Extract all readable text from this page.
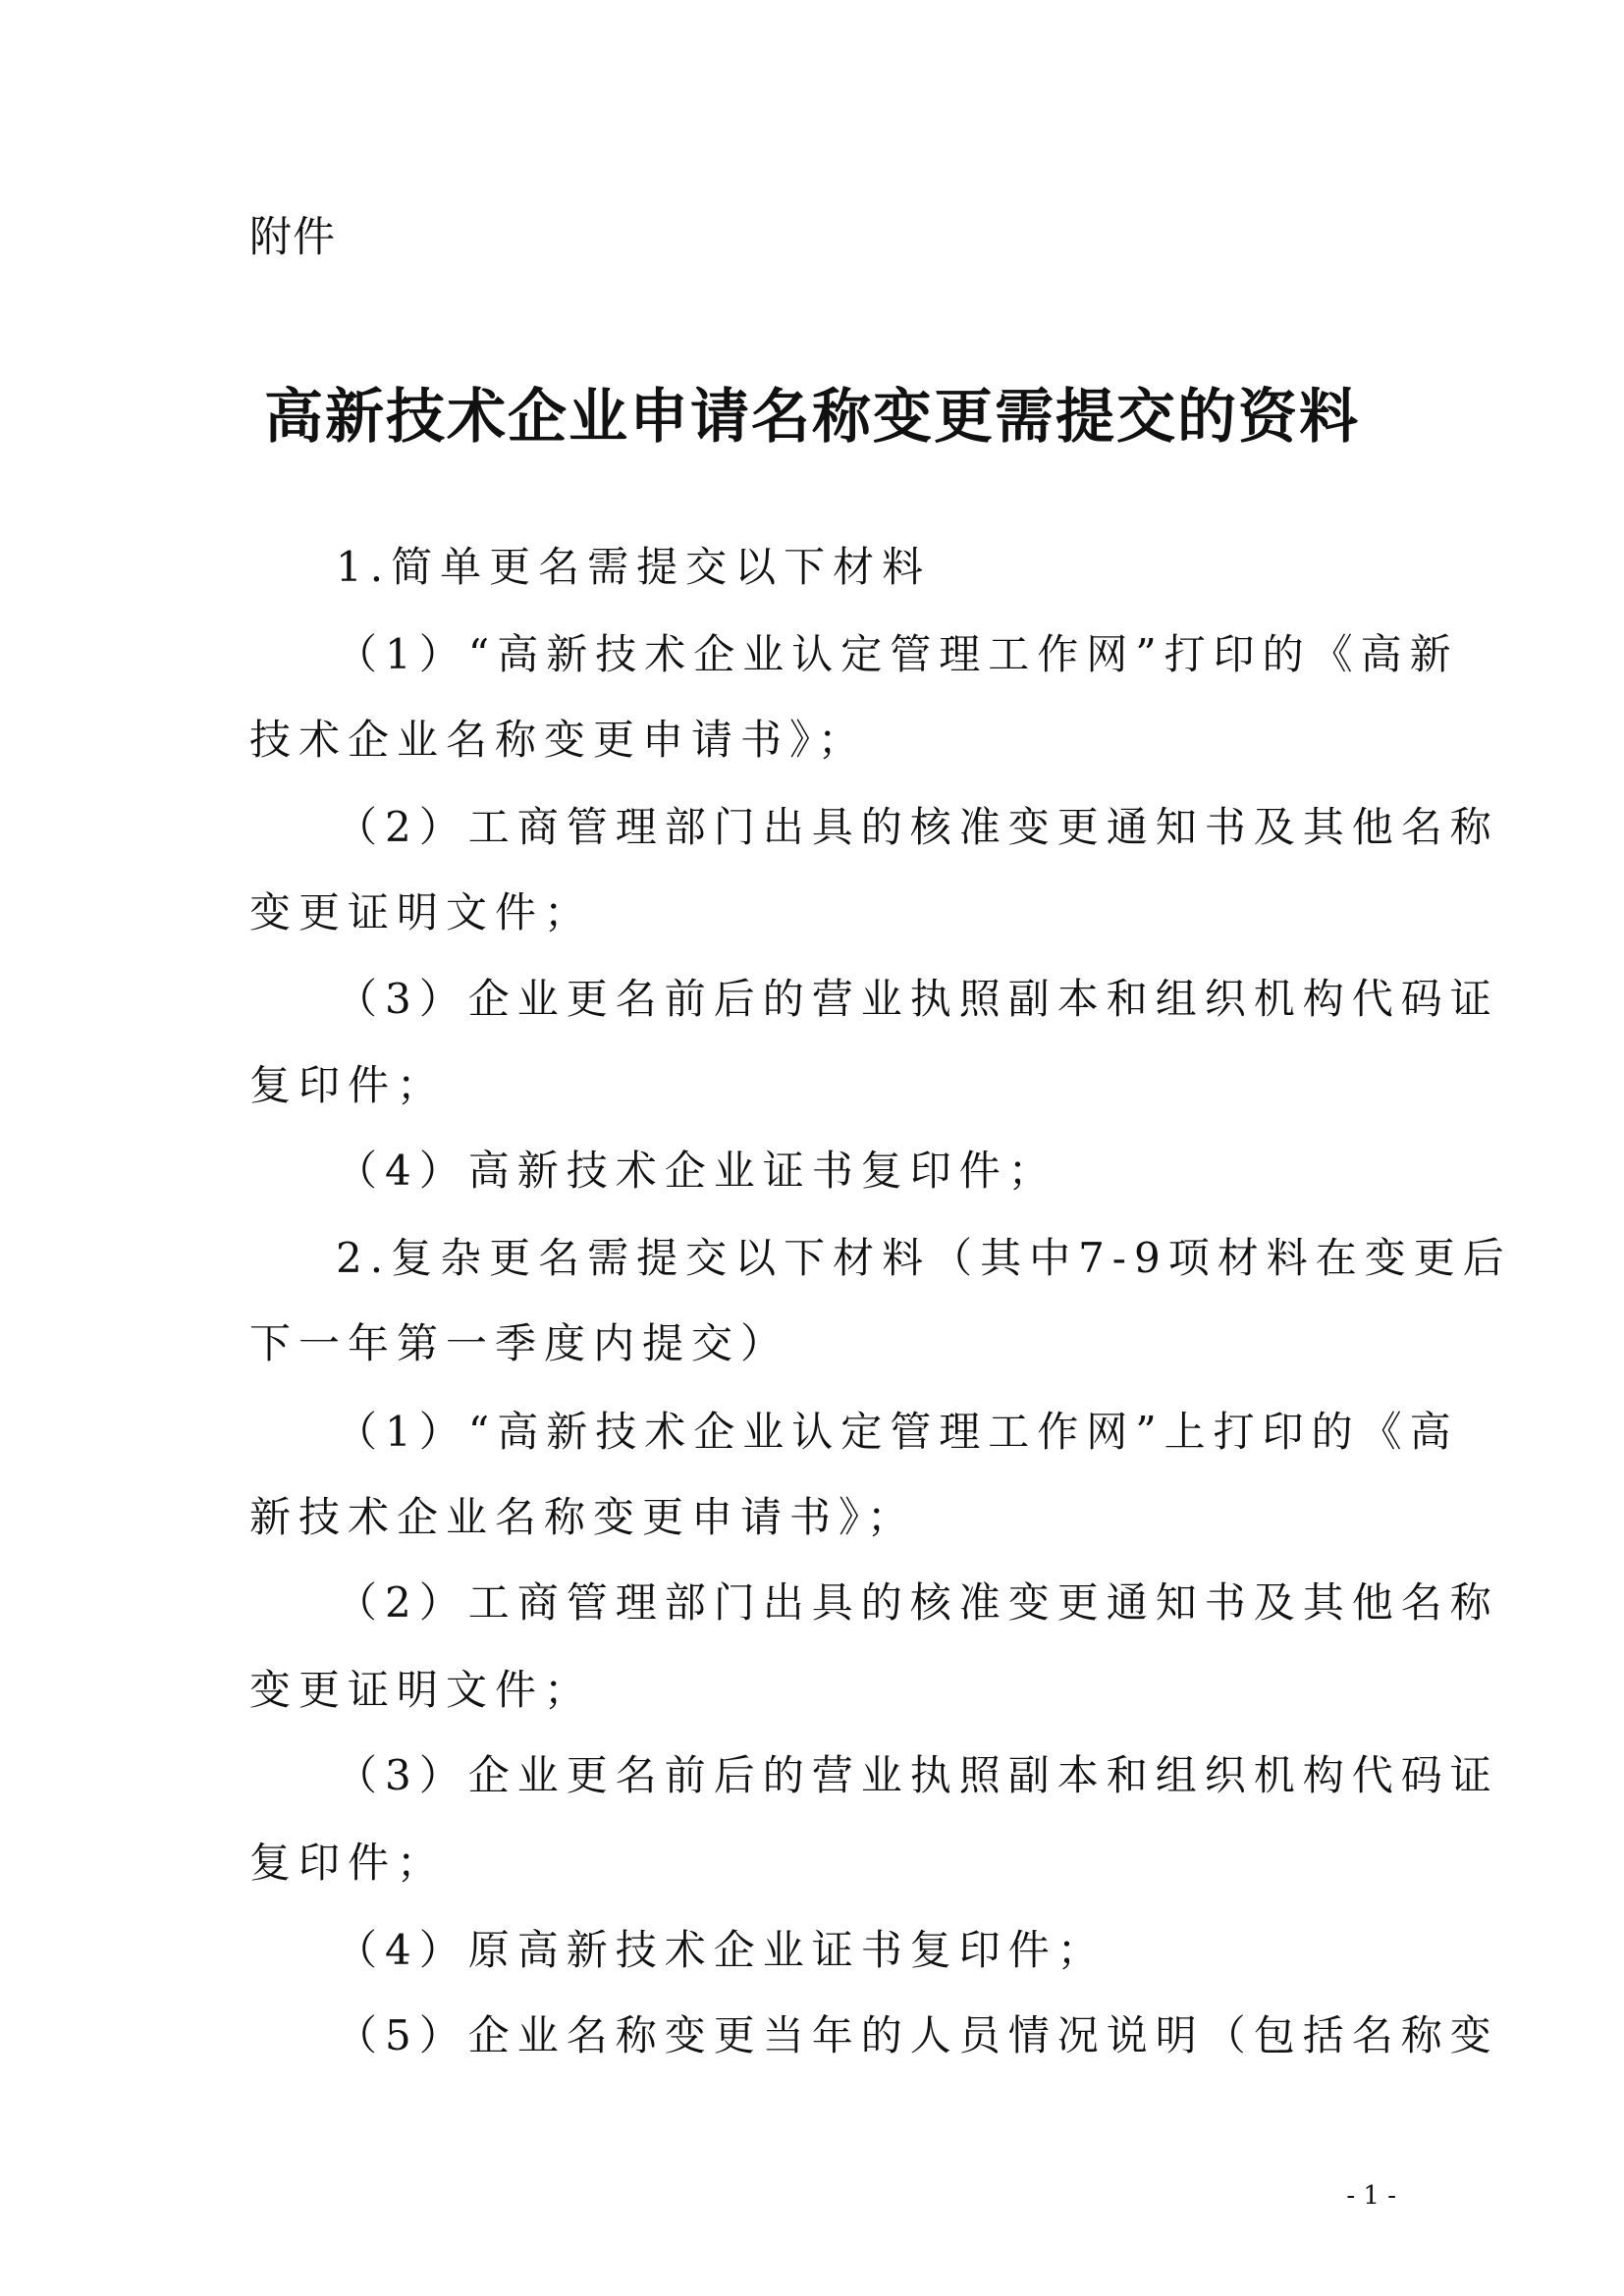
附件
高新技术企业申请名称变更需提交的资料
1.简单更名需提交以下材料
（1）“高新技术企业认定管理工作网”打印的《高新
技术企业名称变更申请书》；
（2）工商管理部门出具的核准变更通知书及其他名称
变更证明文件；
（3）企业更名前后的营业执照副本和组织机构代码证
复印件；
（4）高新技术企业证书复印件；
2.复杂更名需提交以下材料（其中7-9项材料在变更后
下一年第一季度内提交）
（1）“高新技术企业认定管理工作网”上打印的《高
新技术企业名称变更申请书》；
（2）工商管理部门出具的核准变更通知书及其他名称
变更证明文件；
（3）企业更名前后的营业执照副本和组织机构代码证
复印件；
（4）原高新技术企业证书复印件；
（5）企业名称变更当年的人员情况说明（包括名称变
- 1 -
